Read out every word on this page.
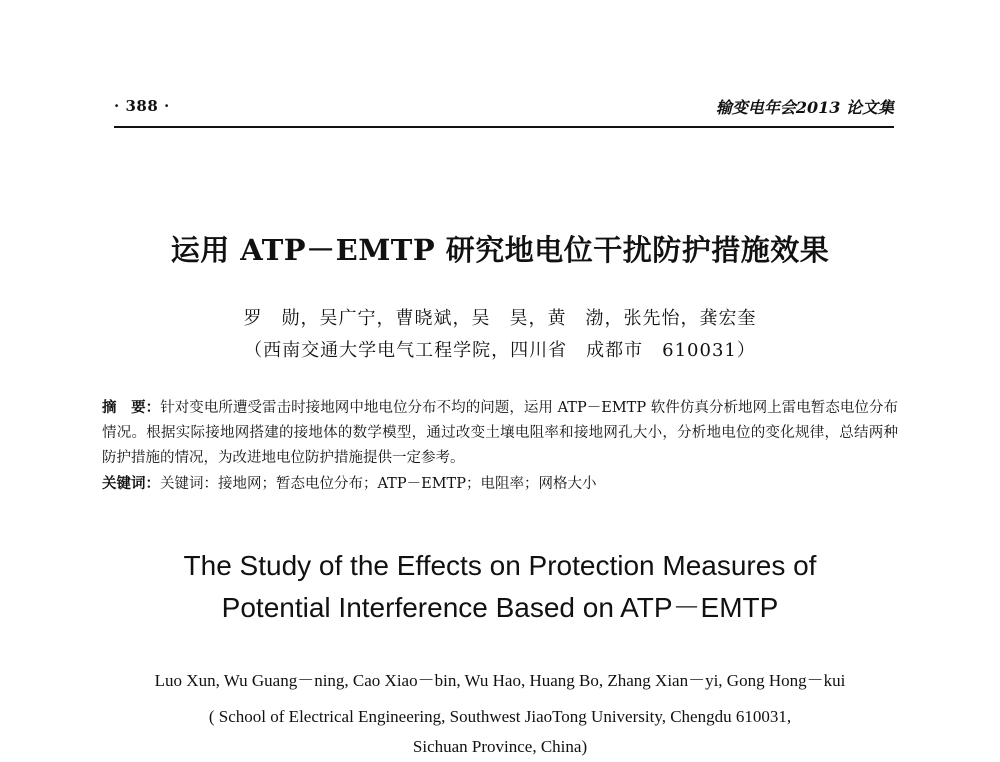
· 388 ·	输变电年会2013 论文集
运用 ATP－EMTP 研究地电位干扰防护措施效果
罗　勋，吴广宁，曹晓斌，吴　昊，黄　渤，张先怡，龚宏奎
（西南交通大学电气工程学院，四川省　成都市　610031）

摘　要：针对变电所遭受雷击时接地网中地电位分布不均的问题，运用 ATP－EMTP 软件仿真分析地网上雷电暂态电位分布情况。根据实际接地网搭建的接地体的数学模型，通过改变土壤电阻率和接地网孔大小，分析地电位的变化规律，总结两种防护措施的情况，为改进地电位防护措施提供一定参考。

关键词：关键词：接地网；暂态电位分布；ATP－EMTP；电阻率；网格大小

The Study of the Effects on Protection Measures of
Potential Interference Based on ATP－EMTP
Luo Xun, Wu Guang－ning, Cao Xiao－bin, Wu Hao, Huang Bo, Zhang Xian－yi, Gong Hong－kui
( School of Electrical Engineering, Southwest JiaoTong University, Chengdu 610031,
Sichuan Province, China)
